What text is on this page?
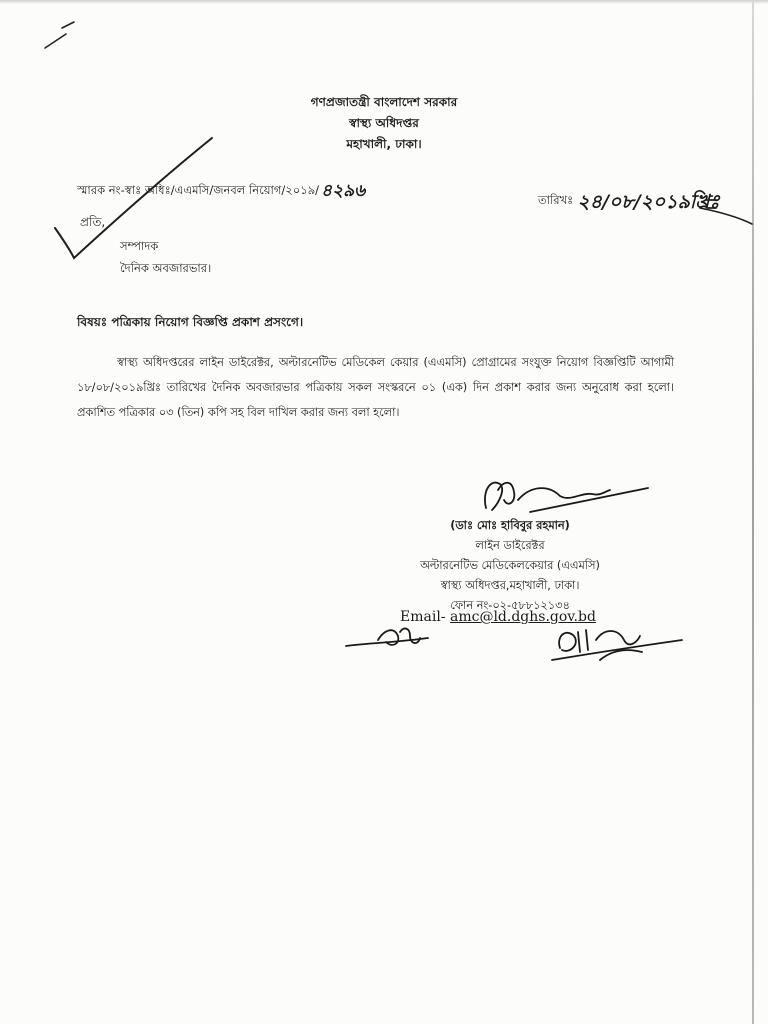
গণপ্রজাতন্ত্রী বাংলাদেশ সরকার
স্বাস্থ্য অধিদপ্তর
মহাখালী, ঢাকা।
স্মারক নং-স্বাঃ অধিঃ/এএমসি/জনবল নিয়োগ/২০১৯/ ৪২৯৬	তারিখঃ ২৪/০৮/২০১৯খ্রিঃ
প্রতি,
সম্পাদক
দৈনিক অবজারভার।
বিষয়ঃ পত্রিকায় নিয়োগ বিজ্ঞপ্তি প্রকাশ প্রসংগে।
স্বাস্থ্য অধিদপ্তরের লাইন ডাইরেক্টর, অল্টারনেটিভ মেডিকেল কেয়ার (এএমসি) প্রোগ্রামের সংযুক্ত নিয়োগ বিজ্ঞপ্তিটি আগামী ১৮/০৮/২০১৯খ্রিঃ তারিখের দৈনিক অবজারভার পত্রিকায় সকল সংস্করনে ০১ (এক) দিন প্রকাশ করার জন্য অনুরোধ করা হলো। প্রকাশিত পত্রিকার ০৩ (তিন) কপি সহ বিল দাখিল করার জন্য বলা হলো।
(ডাঃ মোঃ হাবিবুর রহমান)
লাইন ডাইরেক্টর
অল্টারনেটিভ মেডিকেলকেয়ার (এএমসি)
স্বাস্থ্য অধিদপ্তর,মহাখালী, ঢাকা।
ফোন নং-০২-৫৮৮১২১৩৪
Email- amc@ld.dghs.gov.bd
